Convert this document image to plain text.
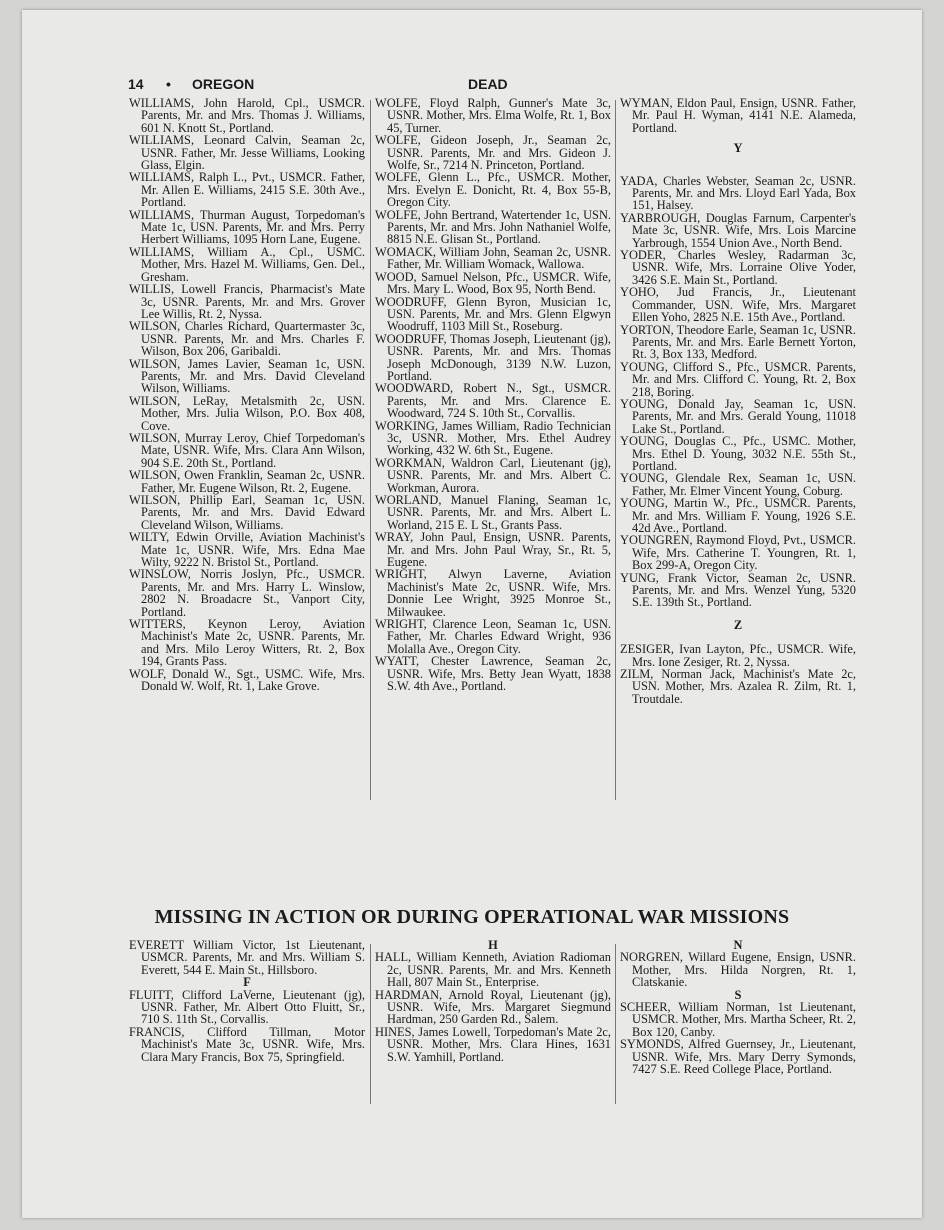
14 • OREGON	DEAD

WILLIAMS, John Harold, Cpl., USMCR. Parents, Mr. and Mrs. Thomas J. Williams, 601 N. Knott St., Portland.

WILLIAMS, Leonard Calvin, Seaman 2c, USNR. Father, Mr. Jesse Williams, Looking Glass, Elgin.

WILLIAMS, Ralph L., Pvt., USMCR. Father, Mr. Allen E. Williams, 2415 S.E. 30th Ave., Portland.

WILLIAMS, Thurman August, Torpedoman's Mate 1c, USN. Parents, Mr. and Mrs. Perry Herbert Williams, 1095 Horn Lane, Eugene.

WILLIAMS, William A., Cpl., USMC. Mother, Mrs. Hazel M. Williams, Gen. Del., Gresham.

WILLIS, Lowell Francis, Pharmacist's Mate 3c, USNR. Parents, Mr. and Mrs. Grover Lee Willis, Rt. 2, Nyssa.

WILSON, Charles Richard, Quartermaster 3c, USNR. Parents, Mr. and Mrs. Charles F. Wilson, Box 206, Garibaldi.

WILSON, James Lavier, Seaman 1c, USN. Parents, Mr. and Mrs. David Cleveland Wilson, Williams.

WILSON, LeRay, Metalsmith 2c, USN. Mother, Mrs. Julia Wilson, P.O. Box 408, Cove.

WILSON, Murray Leroy, Chief Torpedoman's Mate, USNR. Wife, Mrs. Clara Ann Wilson, 904 S.E. 20th St., Portland.

WILSON, Owen Franklin, Seaman 2c, USNR. Father, Mr. Eugene Wilson, Rt. 2, Eugene.

WILSON, Phillip Earl, Seaman 1c, USN. Parents, Mr. and Mrs. David Edward Cleveland Wilson, Williams.

WILTY, Edwin Orville, Aviation Machinist's Mate 1c, USNR. Wife, Mrs. Edna Mae Wilty, 9222 N. Bristol St., Portland.

WINSLOW, Norris Joslyn, Pfc., USMCR. Parents, Mr. and Mrs. Harry L. Winslow, 2802 N. Broadacre St., Vanport City, Portland.

WITTERS, Keynon Leroy, Aviation Machinist's Mate 2c, USNR. Parents, Mr. and Mrs. Milo Leroy Witters, Rt. 2, Box 194, Grants Pass.

WOLF, Donald W., Sgt., USMC. Wife, Mrs. Donald W. Wolf, Rt. 1, Lake Grove.

WOLFE, Floyd Ralph, Gunner's Mate 3c, USNR. Mother, Mrs. Elma Wolfe, Rt. 1, Box 45, Turner.

WOLFE, Gideon Joseph, Jr., Seaman 2c, USNR. Parents, Mr. and Mrs. Gideon J. Wolfe, Sr., 7214 N. Princeton, Portland.

WOLFE, Glenn L., Pfc., USMCR. Mother, Mrs. Evelyn E. Donicht, Rt. 4, Box 55-B, Oregon City.

WOLFE, John Bertrand, Watertender 1c, USN. Parents, Mr. and Mrs. John Nathaniel Wolfe, 8815 N.E. Glisan St., Portland.

WOMACK, William John, Seaman 2c, USNR. Father, Mr. William Womack, Wallowa.

WOOD, Samuel Nelson, Pfc., USMCR. Wife, Mrs. Mary L. Wood, Box 95, North Bend.

WOODRUFF, Glenn Byron, Musician 1c, USN. Parents, Mr. and Mrs. Glenn Elgwyn Woodruff, 1103 Mill St., Roseburg.

WOODRUFF, Thomas Joseph, Lieutenant (jg), USNR. Parents, Mr. and Mrs. Thomas Joseph McDonough, 3139 N.W. Luzon, Portland.

WOODWARD, Robert N., Sgt., USMCR. Parents, Mr. and Mrs. Clarence E. Woodward, 724 S. 10th St., Corvallis.

WORKING, James William, Radio Technician 3c, USNR. Mother, Mrs. Ethel Audrey Working, 432 W. 6th St., Eugene.

WORKMAN, Waldron Carl, Lieutenant (jg), USNR. Parents, Mr. and Mrs. Albert C. Workman, Aurora.

WORLAND, Manuel Flaning, Seaman 1c, USNR. Parents, Mr. and Mrs. Albert L. Worland, 215 E. L St., Grants Pass.

WRAY, John Paul, Ensign, USNR. Parents, Mr. and Mrs. John Paul Wray, Sr., Rt. 5, Eugene.

WRIGHT, Alwyn Laverne, Aviation Machinist's Mate 2c, USNR. Wife, Mrs. Donnie Lee Wright, 3925 Monroe St., Milwaukee.

WRIGHT, Clarence Leon, Seaman 1c, USN. Father, Mr. Charles Edward Wright, 936 Molalla Ave., Oregon City.

WYATT, Chester Lawrence, Seaman 2c, USNR. Wife, Mrs. Betty Jean Wyatt, 1838 S.W. 4th Ave., Portland.

WYMAN, Eldon Paul, Ensign, USNR. Father, Mr. Paul H. Wyman, 4141 N.E. Alameda, Portland.

Y

YADA, Charles Webster, Seaman 2c, USNR. Parents, Mr. and Mrs. Lloyd Earl Yada, Box 151, Halsey.

YARBROUGH, Douglas Farnum, Carpenter's Mate 3c, USNR. Wife, Mrs. Lois Marcine Yarbrough, 1554 Union Ave., North Bend.

YODER, Charles Wesley, Radarman 3c, USNR. Wife, Mrs. Lorraine Olive Yoder, 3426 S.E. Main St., Portland.

YOHO, Jud Francis, Jr., Lieutenant Commander, USN. Wife, Mrs. Margaret Ellen Yoho, 2825 N.E. 15th Ave., Portland.

YORTON, Theodore Earle, Seaman 1c, USNR. Parents, Mr. and Mrs. Earle Bernett Yorton, Rt. 3, Box 133, Medford.

YOUNG, Clifford S., Pfc., USMCR. Parents, Mr. and Mrs. Clifford C. Young, Rt. 2, Box 218, Boring.

YOUNG, Donald Jay, Seaman 1c, USN. Parents, Mr. and Mrs. Gerald Young, 11018 Lake St., Portland.

YOUNG, Douglas C., Pfc., USMC. Mother, Mrs. Ethel D. Young, 3032 N.E. 55th St., Portland.

YOUNG, Glendale Rex, Seaman 1c, USN. Father, Mr. Elmer Vincent Young, Coburg.

YOUNG, Martin W., Pfc., USMCR. Parents, Mr. and Mrs. William F. Young, 1926 S.E. 42d Ave., Portland.

YOUNGREN, Raymond Floyd, Pvt., USMCR. Wife, Mrs. Catherine T. Youngren, Rt. 1, Box 299-A, Oregon City.

YUNG, Frank Victor, Seaman 2c, USNR. Parents, Mr. and Mrs. Wenzel Yung, 5320 S.E. 139th St., Portland.

Z

ZESIGER, Ivan Layton, Pfc., USMCR. Wife, Mrs. Ione Zesiger, Rt. 2, Nyssa.

ZILM, Norman Jack, Machinist's Mate 2c, USN. Mother, Mrs. Azalea R. Zilm, Rt. 1, Troutdale.

MISSING IN ACTION OR DURING OPERATIONAL WAR MISSIONS

EVERETT William Victor, 1st Lieutenant, USMCR. Parents, Mr. and Mrs. William S. Everett, 544 E. Main St., Hillsboro.

F

FLUITT, Clifford LaVerne, Lieutenant (jg), USNR. Father, Mr. Albert Otto Fluitt, Sr., 710 S. 11th St., Corvallis.

FRANCIS, Clifford Tillman, Motor Machinist's Mate 3c, USNR. Wife, Mrs. Clara Mary Francis, Box 75, Springfield.

H

HALL, William Kenneth, Aviation Radioman 2c, USNR. Parents, Mr. and Mrs. Kenneth Hall, 807 Main St., Enterprise.

HARDMAN, Arnold Royal, Lieutenant (jg), USNR. Wife, Mrs. Margaret Siegmund Hardman, 250 Garden Rd., Salem.

HINES, James Lowell, Torpedoman's Mate 2c, USNR. Mother, Mrs. Clara Hines, 1631 S.W. Yamhill, Portland.

N

NORGREN, Willard Eugene, Ensign, USNR. Mother, Mrs. Hilda Norgren, Rt. 1, Clatskanie.

S

SCHEER, William Norman, 1st Lieutenant, USMCR. Mother, Mrs. Martha Scheer, Rt. 2, Box 120, Canby.

SYMONDS, Alfred Guernsey, Jr., Lieutenant, USNR. Wife, Mrs. Mary Derry Symonds, 7427 S.E. Reed College Place, Portland.
